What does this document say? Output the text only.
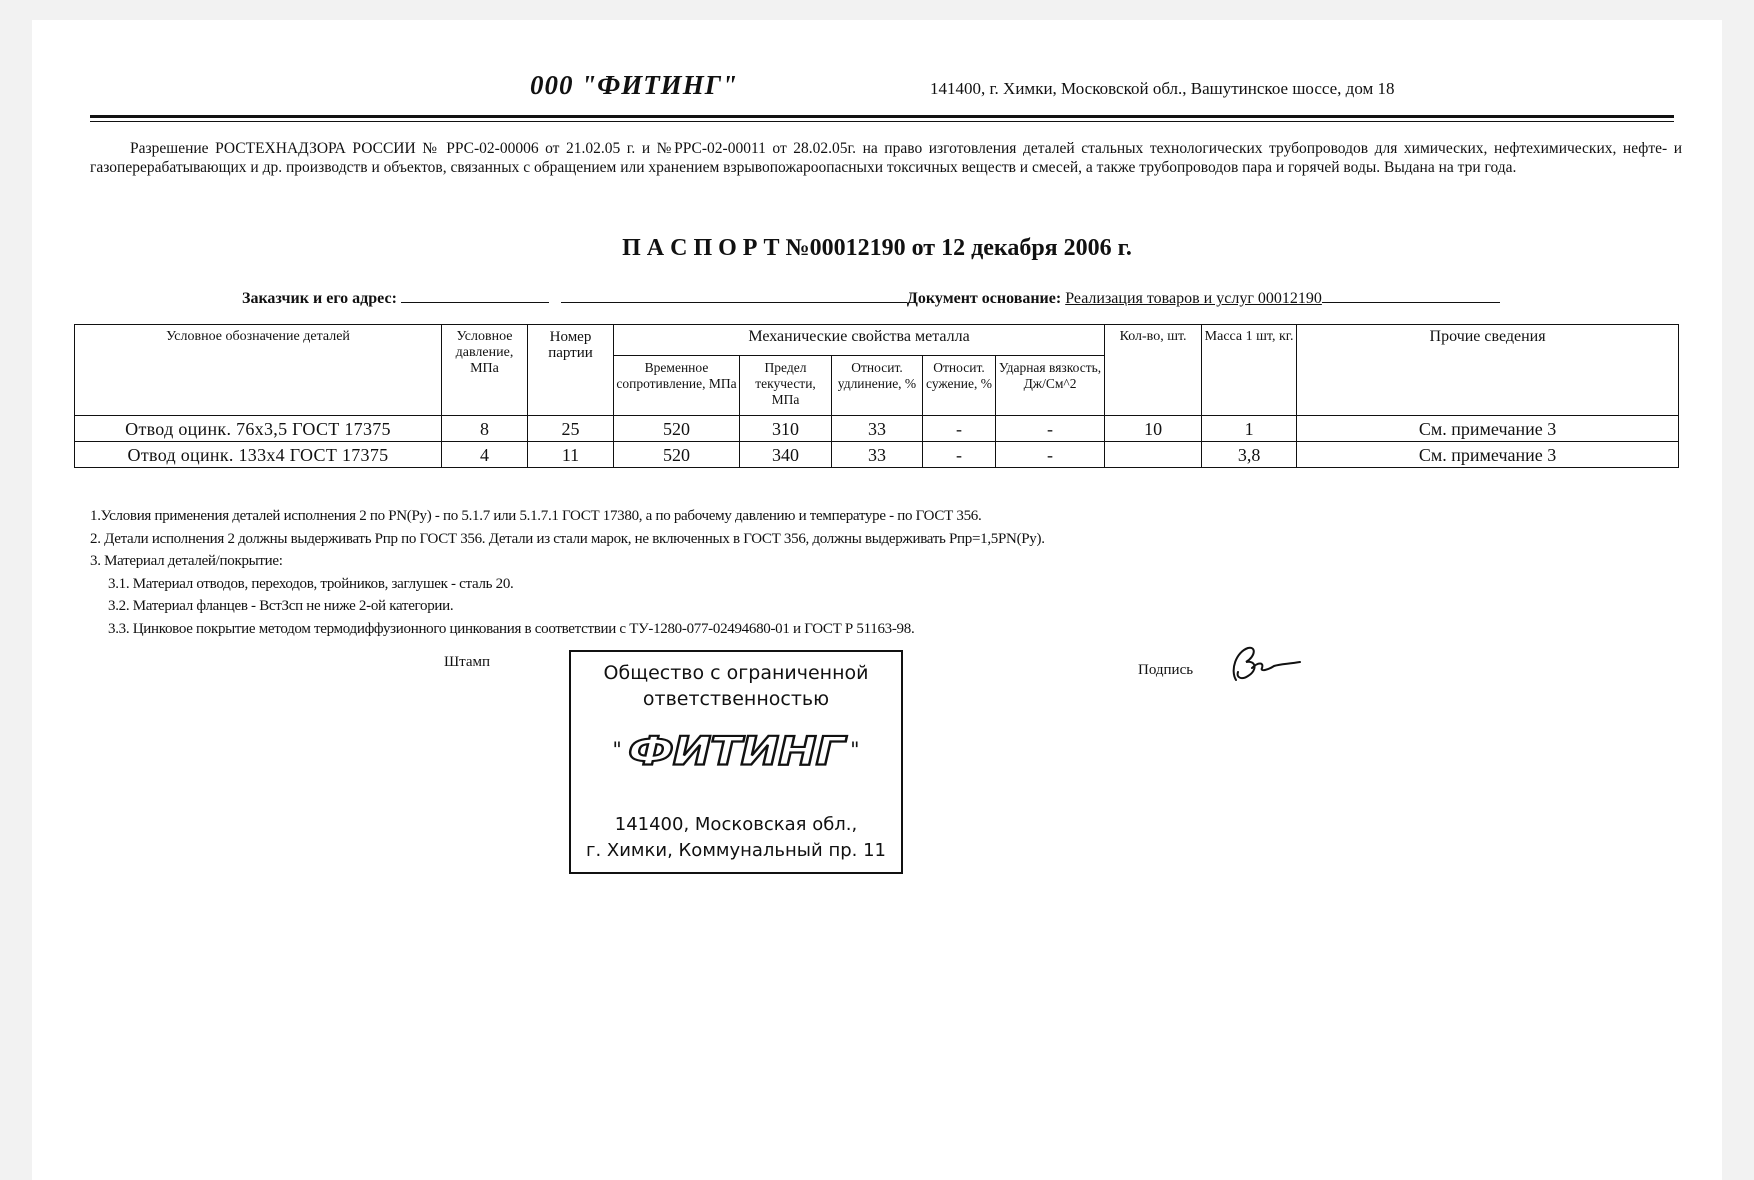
000 "ФИТИНГ"	141400, г. Химки, Московской обл., Вашутинское шоссе, дом 18
Разрешение РОСТЕХНАДЗОРА РОССИИ № РРС-02-00006 от 21.02.05 г. и №РРС-02-00011 от 28.02.05г. на право изготовления деталей стальных технологических трубопроводов для химических, нефтехимических, нефте- и газоперерабатывающих и др. производств и объектов, связанных с обращением или хранением взрывопожароопасныхи токсичных веществ и смесей, а также трубопроводов пара и горячей воды. Выдана на три года.
П А С П О Р Т №00012190 от 12 декабря 2006 г.
Заказчик и его адрес:	Документ основание: Реализация товаров и услуг 00012190
Условное обозначение деталей	Условное давление, МПа	Номер партии	Механические свойства металла					Кол-во, шт.	Масса 1 шт, кг.	Прочие сведения
			Временное сопротивление, МПа	Предел текучести, МПа	Относит. удлинение, %	Относит. сужение, %	Ударная вязкость, Дж/См^2			
Отвод оцинк. 76х3,5 ГОСТ 17375	8	25	520	310	33	-	-	10	1	См. примечание 3
Отвод оцинк. 133х4 ГОСТ 17375	4	11	520	340	33	-	-		3,8	См. примечание 3
1.Условия применения деталей исполнения 2 по PN(Py) - по 5.1.7 или 5.1.7.1 ГОСТ 17380, а по рабочему давлению и температуре - по ГОСТ 356.
2. Детали исполнения 2 должны выдерживать Рпр по ГОСТ 356. Детали из стали марок, не включенных в ГОСТ 356, должны выдерживать Рпр=1,5PN(Py).
3. Материал деталей/покрытие:
3.1. Материал отводов, переходов, тройников, заглушек - сталь 20.
3.2. Материал фланцев - ВстЗсп не ниже 2-ой категории.
3.3. Цинковое покрытие методом термодиффузионного цинкования в соответствии с ТУ-1280-077-02494680-01 и ГОСТ Р 51163-98.
Штамп	Общество с ограниченной
ответственностью
" ФИТИНГ "
141400, Московская обл.,
г. Химки, Коммунальный пр. 11
Подпись
